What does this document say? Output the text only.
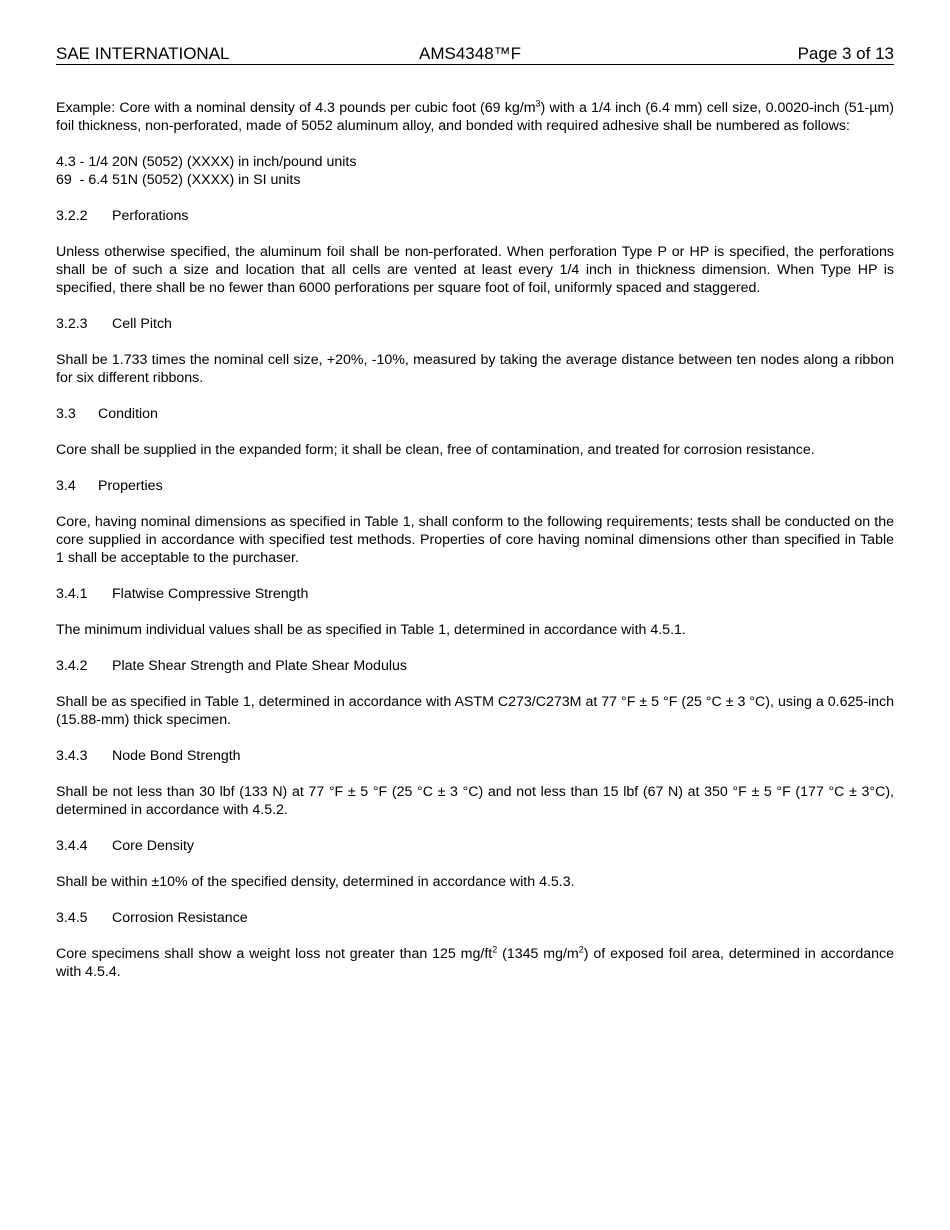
SAE INTERNATIONAL	AMS4348™F	Page 3 of 13

Example: Core with a nominal density of 4.3 pounds per cubic foot (69 $kg/m^3$) with a 1/4 inch (6.4 mm) cell size, 0.0020-inch (51-µm) foil thickness, non-perforated, made of 5052 aluminum alloy, and bonded with required adhesive shall be numbered as follows:

4.3 - 1/4 20N (5052) (XXXX) in inch/pound units
69  - 6.4 51N (5052) (XXXX) in SI units

3.2.2 Perforations

Unless otherwise specified, the aluminum foil shall be non-perforated. When perforation Type P or HP is specified, the perforations shall be of such a size and location that all cells are vented at least every 1/4 inch in thickness dimension. When Type HP is specified, there shall be no fewer than 6000 perforations per square foot of foil, uniformly spaced and staggered.

3.2.3 Cell Pitch

Shall be 1.733 times the nominal cell size, +20%, -10%, measured by taking the average distance between ten nodes along a ribbon for six different ribbons.

3.3 Condition

Core shall be supplied in the expanded form; it shall be clean, free of contamination, and treated for corrosion resistance.

3.4 Properties

Core, having nominal dimensions as specified in Table 1, shall conform to the following requirements; tests shall be conducted on the core supplied in accordance with specified test methods. Properties of core having nominal dimensions other than specified in Table 1 shall be acceptable to the purchaser.

3.4.1 Flatwise Compressive Strength

The minimum individual values shall be as specified in Table 1, determined in accordance with 4.5.1.

3.4.2 Plate Shear Strength and Plate Shear Modulus

Shall be as specified in Table 1, determined in accordance with ASTM C273/C273M at 77 °F ± 5 °F (25 °C ± 3 °C), using a 0.625-inch (15.88-mm) thick specimen.

3.4.3 Node Bond Strength

Shall be not less than 30 lbf (133 N) at 77 °F ± 5 °F (25 °C ± 3 °C) and not less than 15 lbf (67 N) at 350 °F ± 5 °F (177 °C ± 3°C), determined in accordance with 4.5.2.

3.4.4 Core Density

Shall be within ±10% of the specified density, determined in accordance with 4.5.3.

3.4.5 Corrosion Resistance

Core specimens shall show a weight loss not greater than 125 $mg/ft^2$ (1345 $mg/m^2$) of exposed foil area, determined in accordance with 4.5.4.
